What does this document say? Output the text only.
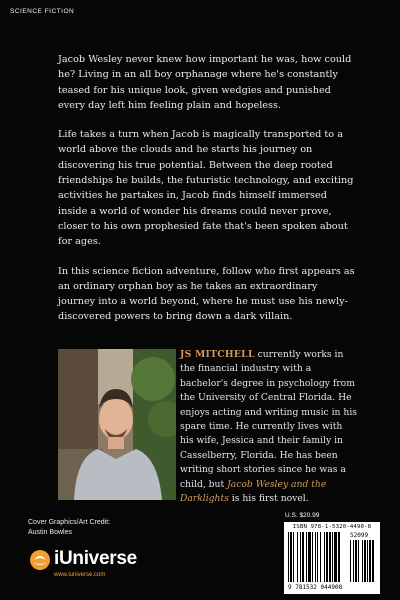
SCIENCE FICTION

Jacob Wesley never knew how important he was, how could he? Living in an all boy orphanage where he's constantly teased for his unique look, given wedgies and punished every day left him feeling plain and hopeless.

Life takes a turn when Jacob is magically transported to a world above the clouds and he starts his journey on discovering his true potential. Between the deep rooted friendships he builds, the futuristic technology, and exciting activities he partakes in, Jacob finds himself immersed inside a world of wonder his dreams could never prove, closer to his own prophesied fate that's been spoken about for ages.

In this science fiction adventure, follow who first appears as an ordinary orphan boy as he takes an extraordinary journey into a world beyond, where he must use his newly-discovered powers to bring down a dark villain.

JS MITCHELL currently works in the financial industry with a bachelor's degree in psychology from the University of Central Florida. He enjoys acting and writing music in his spare time. He currently lives with his wife, Jessica and their family in Casselberry, Florida. He has been writing short stories since he was a child, but Jacob Wesley and the Darklights is his first novel.
U.S. $20.99
ISBN 978-1-5320-4490-8
52099
9 781532 044908
Cover Graphics/Art Credit:
Austin Bowles
iUniverse
www.iuniverse.com
